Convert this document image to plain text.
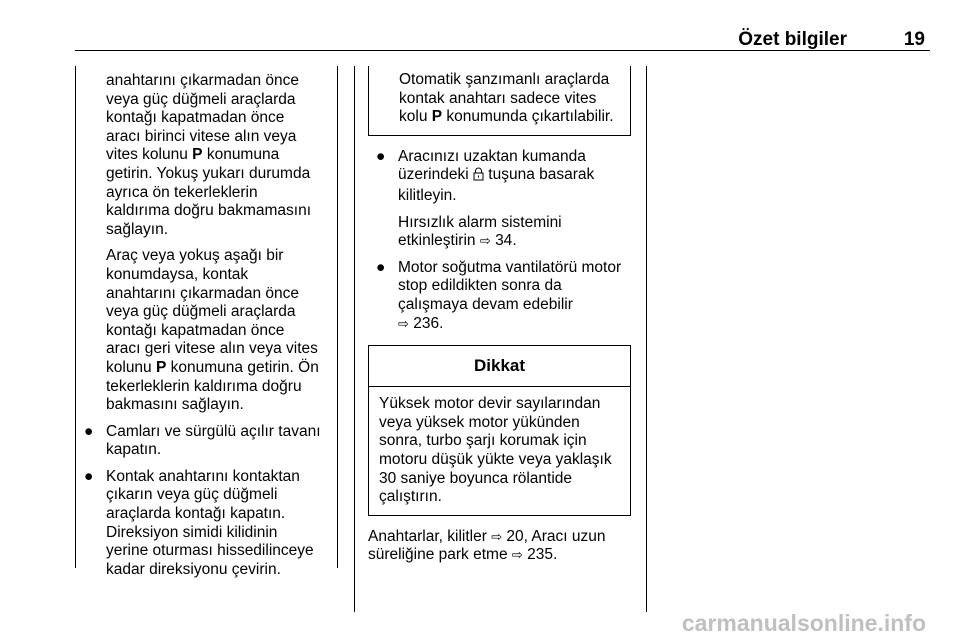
Özet bilgiler	19

anahtarını çıkarmadan önce

veya güç düğmeli araçlarda

kontağı kapatmadan önce

aracı birinci vitese alın veya

vites kolunu P konumuna

getirin. Yokuş yukarı durumda

ayrıca ön tekerleklerin

kaldırıma doğru bakmamasını

sağlayın.

Araç veya yokuş aşağı bir

konumdaysa, kontak

anahtarını çıkarmadan önce

veya güç düğmeli araçlarda

kontağı kapatmadan önce

aracı geri vitese alın veya vites

kolunu P konumuna getirin. Ön

tekerleklerin kaldırıma doğru

bakmasını sağlayın.

● Camları ve sürgülü açılır tavanı

kapatın.

● Kontak anahtarını kontaktan

çıkarın veya güç düğmeli

araçlarda kontağı kapatın.

Direksiyon simidi kilidinin

yerine oturması hissedilinceye

kadar direksiyonu çevirin.

Otomatik şanzımanlı araçlarda

kontak anahtarı sadece vites

kolu P konumunda çıkartılabilir.

● Aracınızı uzaktan kumanda

üzerindeki  tuşuna basarak

kilitleyin.

Hırsızlık alarm sistemini

etkinleştirin ⇨ 34.

● Motor soğutma vantilatörü motor

stop edildikten sonra da

çalışmaya devam edebilir

⇨ 236.

Dikkat

Yüksek motor devir sayılarından

veya yüksek motor yükünden

sonra, turbo şarjı korumak için

motoru düşük yükte veya yaklaşık

30 saniye boyunca rölantide

çalıştırın.

Anahtarlar, kilitler ⇨ 20, Aracı uzun

süreliğine park etme ⇨ 235.

carmanualsonline.info
